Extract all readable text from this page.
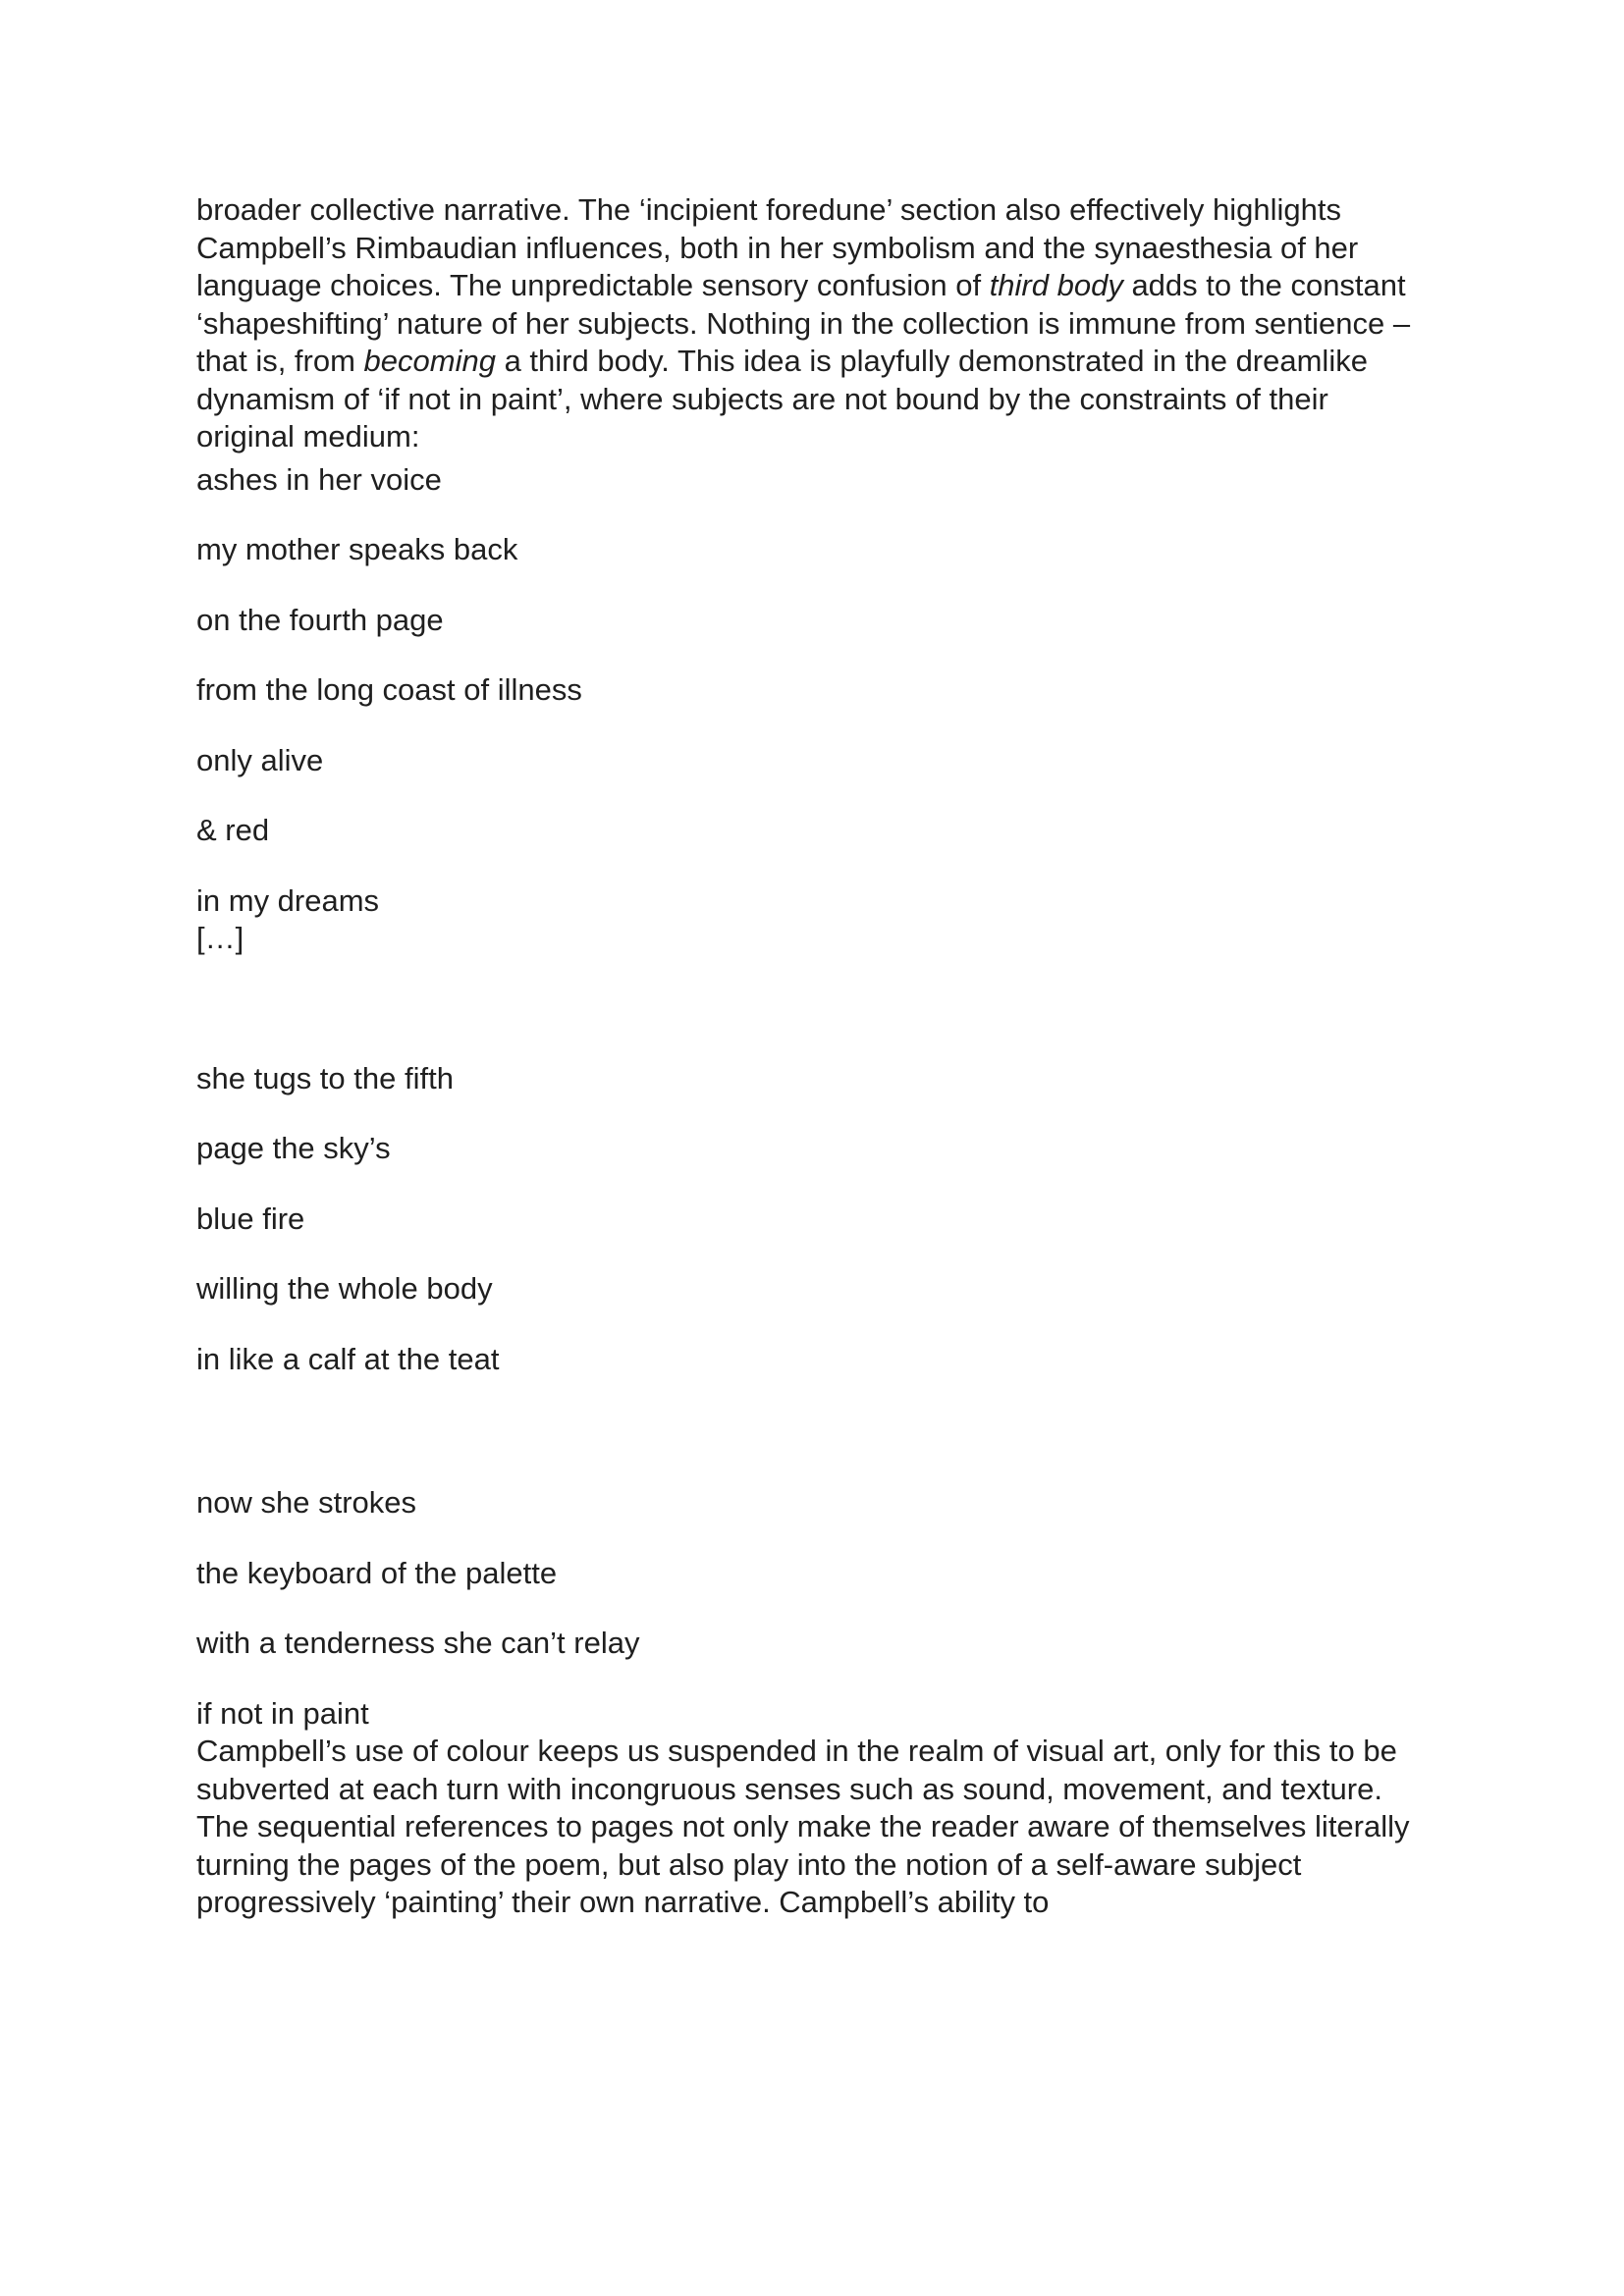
broader collective narrative. The ‘incipient foredune’ section also effectively highlights Campbell’s Rimbaudian influences, both in her symbolism and the synaesthesia of her language choices. The unpredictable sensory confusion of third body adds to the constant ‘shapeshifting’ nature of her subjects. Nothing in the collection is immune from sentience – that is, from becoming a third body. This idea is playfully demonstrated in the dreamlike dynamism of ‘if not in paint’, where subjects are not bound by the constraints of their original medium:

ashes in her voice

my mother speaks back

on the fourth page

from the long coast of illness

only alive

& red

in my dreams

[…]

she tugs to the fifth

page the sky’s

blue fire

willing the whole body

in like a calf at the teat

now she strokes

the keyboard of the palette

with a tenderness she can’t relay

if not in paint

Campbell’s use of colour keeps us suspended in the realm of visual art, only for this to be subverted at each turn with incongruous senses such as sound, movement, and texture. The sequential references to pages not only make the reader aware of themselves literally turning the pages of the poem, but also play into the notion of a self-aware subject progressively ‘painting’ their own narrative. Campbell’s ability to
